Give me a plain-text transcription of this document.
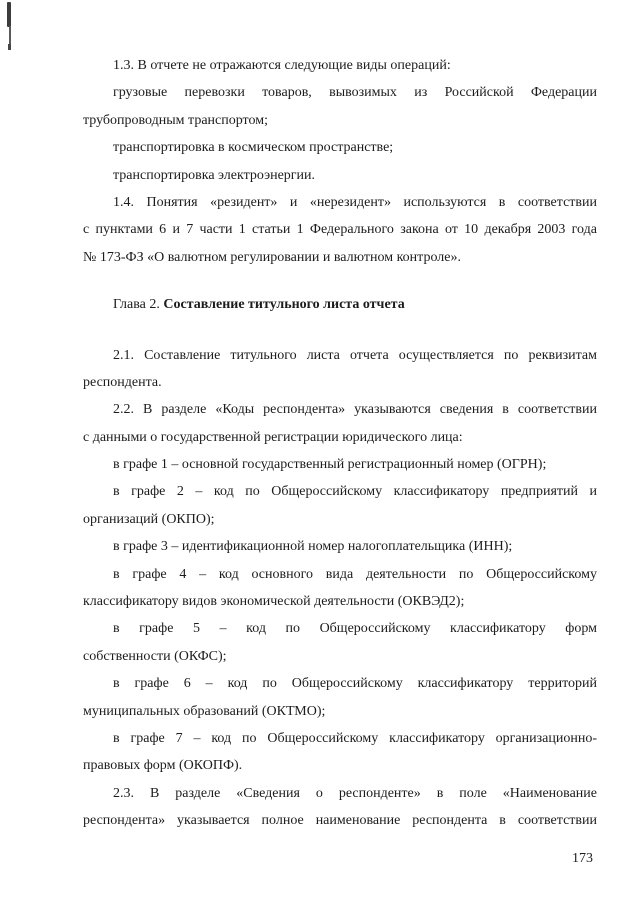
1.3. В отчете не отражаются следующие виды операций:
грузовые перевозки товаров, вывозимых из Российской Федерации
трубопроводным транспортом;
транспортировка в космическом пространстве;
транспортировка электроэнергии.
1.4. Понятия «резидент» и «нерезидент» используются в соответствии
с пунктами 6 и 7 части 1 статьи 1 Федерального закона от 10 декабря 2003 года
№ 173-ФЗ «О валютном регулировании и валютном контроле».
Глава 2. Составление титульного листа отчета
2.1. Составление титульного листа отчета осуществляется по реквизитам
респондента.
2.2. В разделе «Коды респондента» указываются сведения в соответствии
с данными о государственной регистрации юридического лица:
в графе 1 – основной государственный регистрационный номер (ОГРН);
в графе 2 – код по Общероссийскому классификатору предприятий и
организаций (ОКПО);
в графе 3 – идентификационной номер налогоплательщика (ИНН);
в графе 4 – код основного вида деятельности по Общероссийскому
классификатору видов экономической деятельности (ОКВЭД2);
в графе 5 – код по Общероссийскому классификатору форм
собственности (ОКФС);
в графе 6 – код по Общероссийскому классификатору территорий
муниципальных образований (ОКТМО);
в графе 7 – код по Общероссийскому классификатору организационно-
правовых форм (ОКОПФ).
2.3. В разделе «Сведения о респонденте» в поле «Наименование
респондента» указывается полное наименование респондента в соответствии
173
